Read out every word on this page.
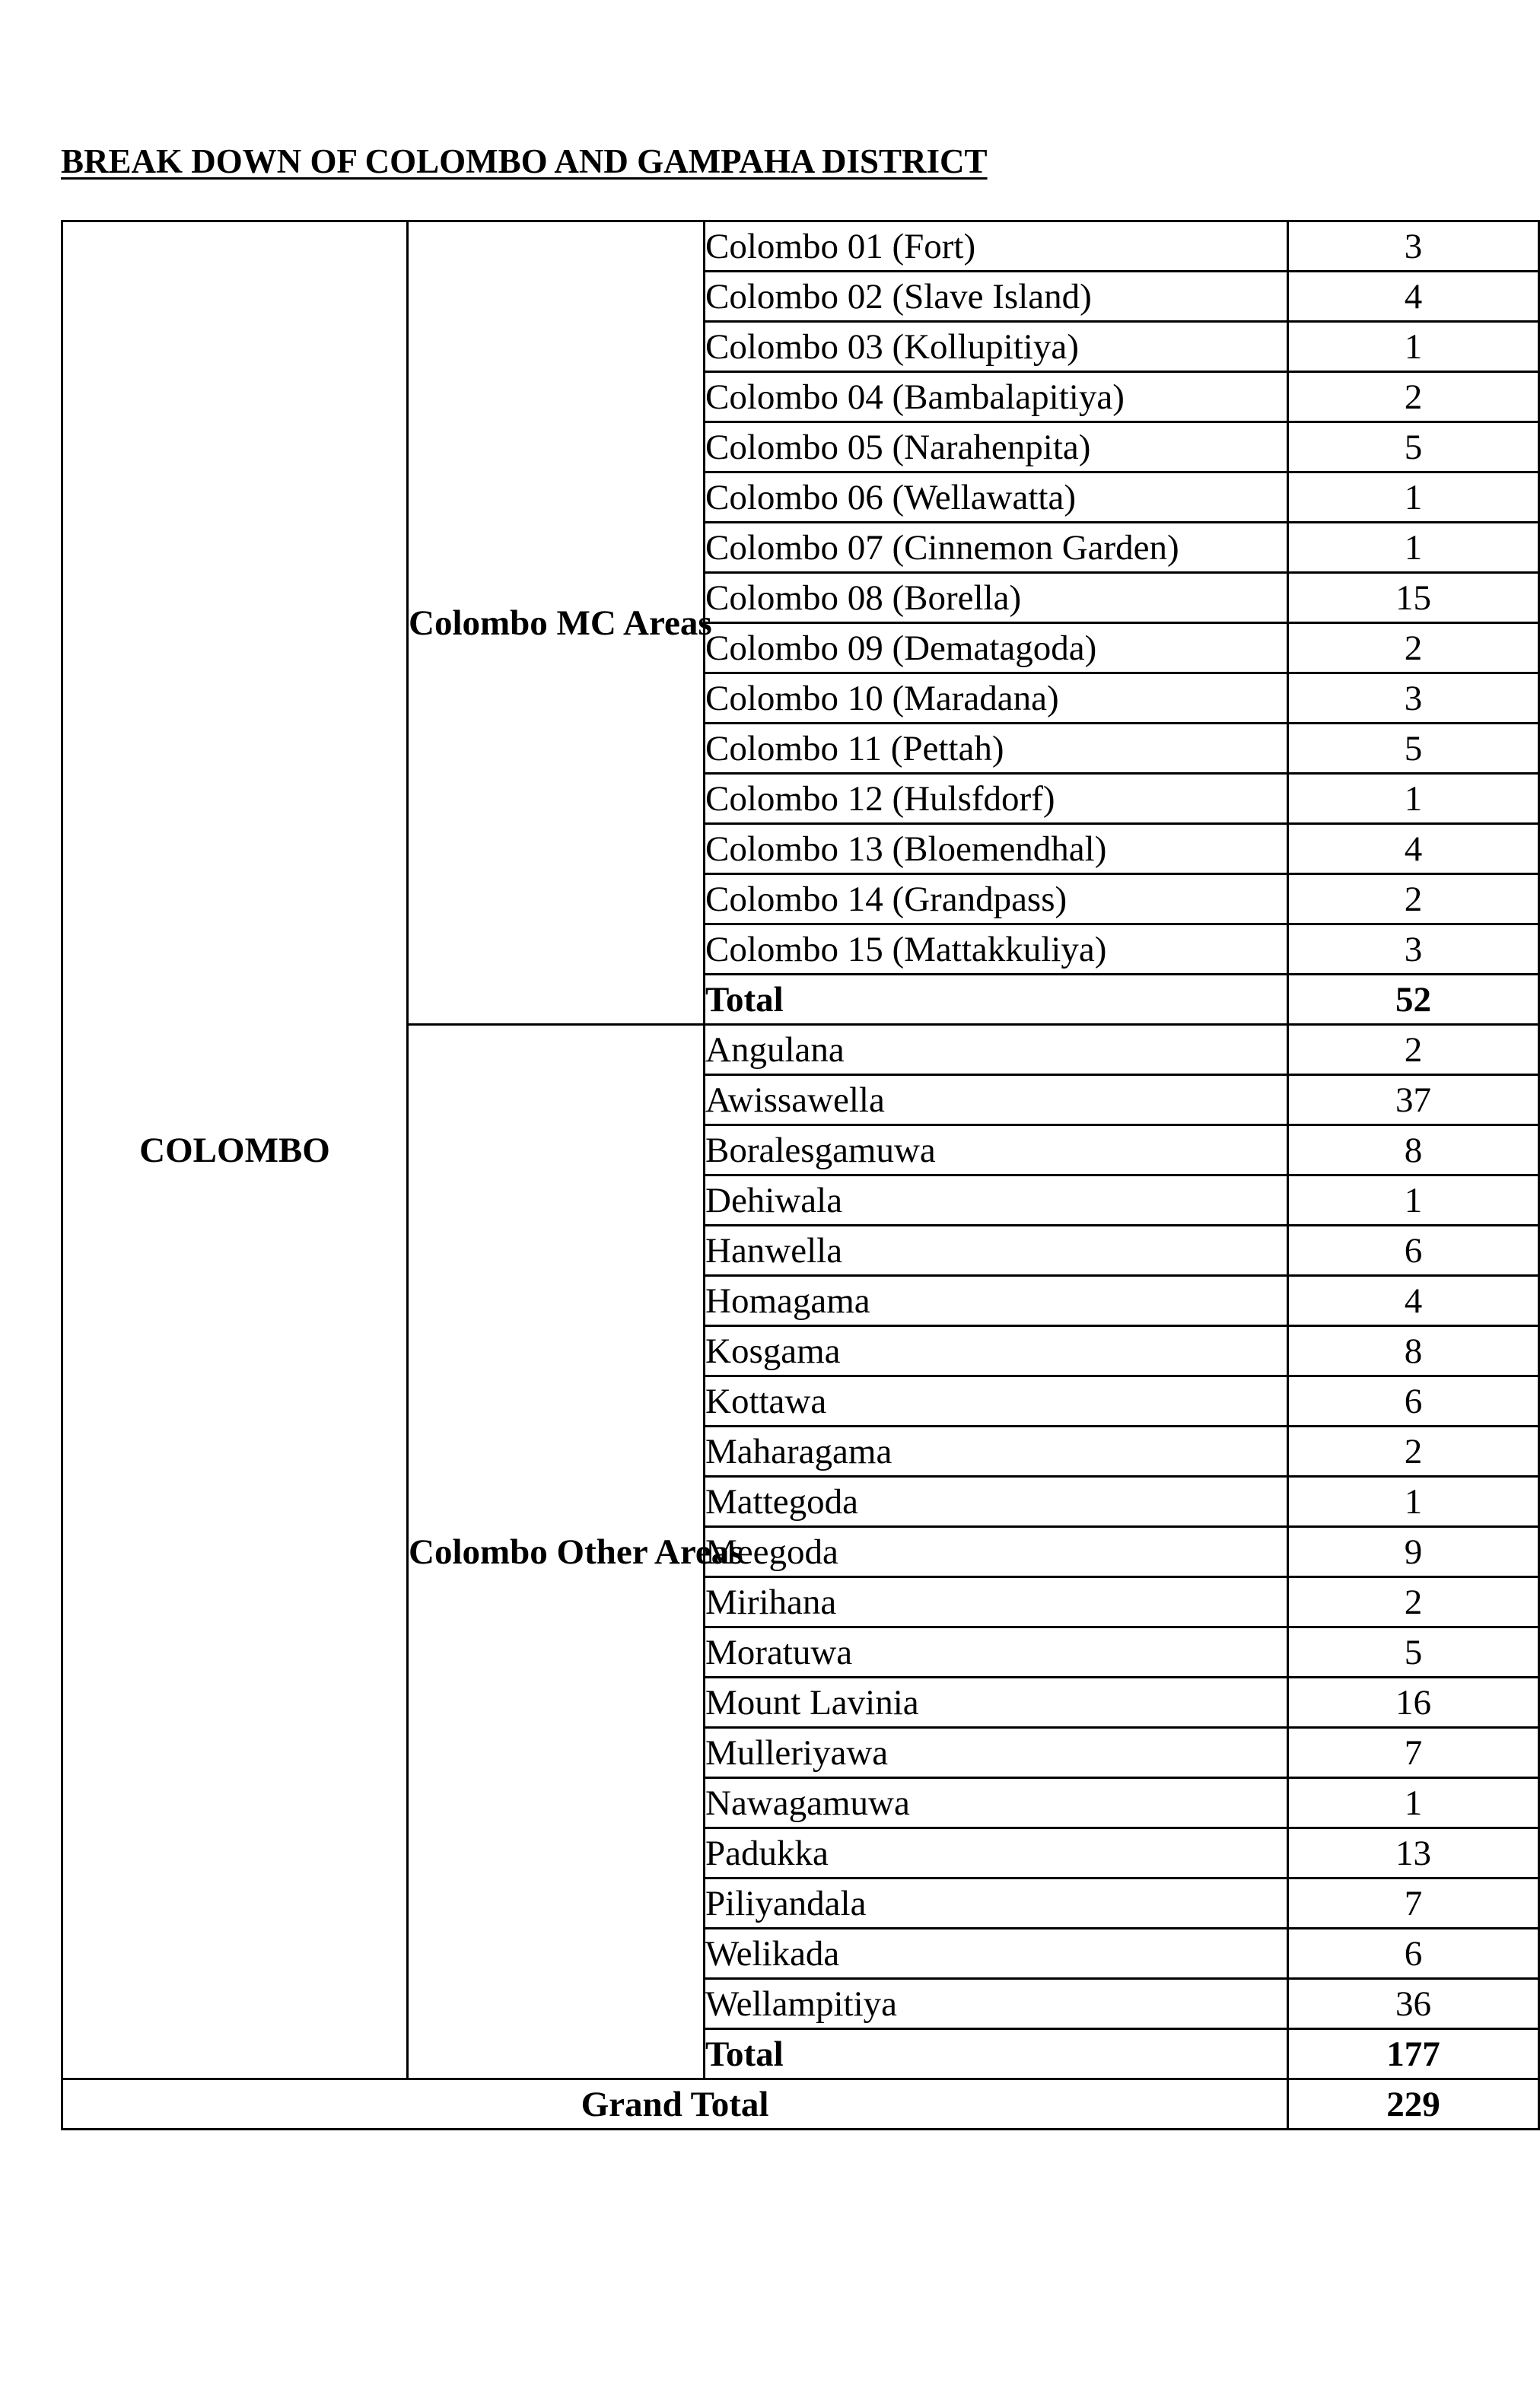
BREAK DOWN OF COLOMBO AND GAMPAHA DISTRICT
COLOMBO	Colombo MC Areas	Colombo 01 (Fort)	3
		Colombo 02 (Slave Island)	4
		Colombo 03 (Kollupitiya)	1
		Colombo 04 (Bambalapitiya)	2
		Colombo 05 (Narahenpita)	5
		Colombo 06 (Wellawatta)	1
		Colombo 07 (Cinnemon Garden)	1
		Colombo 08 (Borella)	15
		Colombo 09 (Dematagoda)	2
		Colombo 10 (Maradana)	3
		Colombo 11 (Pettah)	5
		Colombo 12 (Hulsfdorf)	1
		Colombo 13 (Bloemendhal)	4
		Colombo 14 (Grandpass)	2
		Colombo 15 (Mattakkuliya)	3
		Total	52
	Colombo Other Areas	Angulana	2
		Awissawella	37
		Boralesgamuwa	8
		Dehiwala	1
		Hanwella	6
		Homagama	4
		Kosgama	8
		Kottawa	6
		Maharagama	2
		Mattegoda	1
		Meegoda	9
		Mirihana	2
		Moratuwa	5
		Mount Lavinia	16
		Mulleriyawa	7
		Nawagamuwa	1
		Padukka	13
		Piliyandala	7
		Welikada	6
		Wellampitiya	36
		Total	177
Grand Total			229
